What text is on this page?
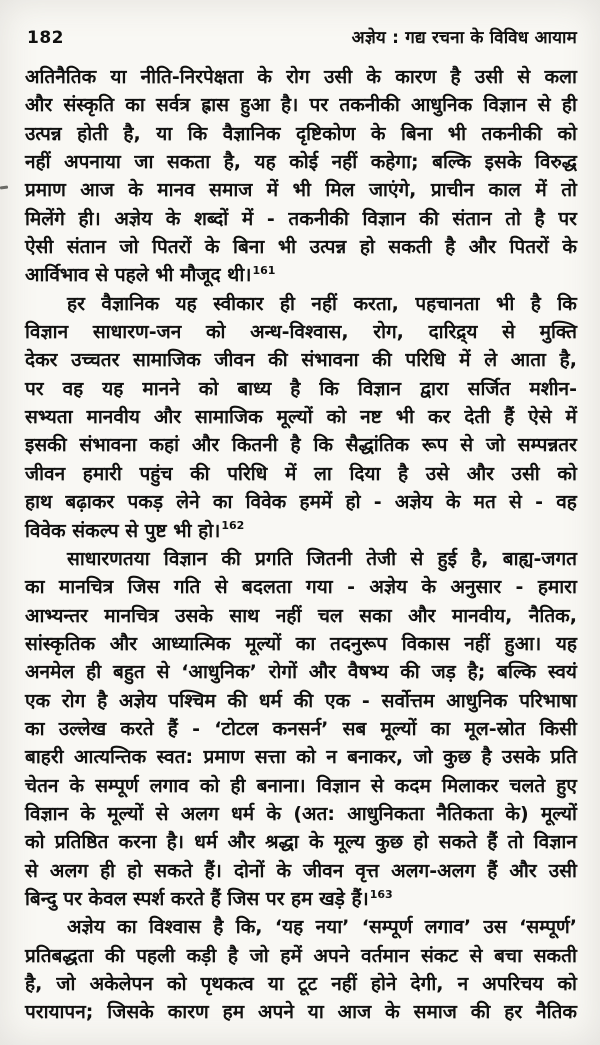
182	अज्ञेय : गद्य रचना के विविध आयाम
अतिनैतिक या नीति-निरपेक्षता के रोग उसी के कारण है उसी से कला
और संस्कृति का सर्वत्र ह्रास हुआ है। पर तकनीकी आधुनिक विज्ञान से ही
उत्पन्न होती है, या कि वैज्ञानिक दृष्टिकोण के बिना भी तकनीकी को
नहीं अपनाया जा सकता है, यह कोई नहीं कहेगा; बल्कि इसके विरुद्ध
प्रमाण आज के मानव समाज में भी मिल जाएंगे, प्राचीन काल में तो
मिलेंगे ही। अज्ञेय के शब्दों में - तकनीकी विज्ञान की संतान तो है पर
ऐसी संतान जो पितरों के बिना भी उत्पन्न हो सकती है और पितरों के
आर्विभाव से पहले भी मौजूद थी।$^{161}$
हर वैज्ञानिक यह स्वीकार ही नहीं करता, पहचानता भी है कि
विज्ञान साधारण-जन को अन्ध-विश्वास, रोग, दारिद्र्य से मुक्ति
देकर उच्चतर सामाजिक जीवन की संभावना की परिधि में ले आता है,
पर वह यह मानने को बाध्य है कि विज्ञान द्वारा सर्जित मशीन-
सभ्यता मानवीय और सामाजिक मूल्यों को नष्ट भी कर देती हैं ऐसे में
इसकी संभावना कहां और कितनी है कि सैद्धांतिक रूप से जो सम्पन्नतर
जीवन हमारी पहुंच की परिधि में ला दिया है उसे और उसी को
हाथ बढ़ाकर पकड़ लेने का विवेक हममें हो - अज्ञेय के मत से - वह
विवेक संकल्प से पुष्ट भी हो।$^{162}$
साधारणतया विज्ञान की प्रगति जितनी तेजी से हुई है, बाह्य-जगत
का मानचित्र जिस गति से बदलता गया - अज्ञेय के अनुसार - हमारा
आभ्यन्तर मानचित्र उसके साथ नहीं चल सका और मानवीय, नैतिक,
सांस्कृतिक और आध्यात्मिक मूल्यों का तदनुरूप विकास नहीं हुआ। यह
अनमेल ही बहुत से ‘आधुनिक’ रोगों और वैषभ्य की जड़ है; बल्कि स्वयं
एक रोग है अज्ञेय पश्चिम की धर्म की एक - सर्वोत्तम आधुनिक परिभाषा
का उल्लेख करते हैं - ‘टोटल कनसर्न’ सब मूल्यों का मूल-स्रोत किसी
बाहरी आत्यन्तिक स्वत: प्रमाण सत्ता को न बनाकर, जो कुछ है उसके प्रति
चेतन के सम्पूर्ण लगाव को ही बनाना। विज्ञान से कदम मिलाकर चलते हुए
विज्ञान के मूल्यों से अलग धर्म के (अत: आधुनिकता नैतिकता के) मूल्यों
को प्रतिष्ठित करना है। धर्म और श्रद्धा के मूल्य कुछ हो सकते हैं तो विज्ञान
से अलग ही हो सकते हैं। दोनों के जीवन वृत्त अलग-अलग हैं और उसी
बिन्दु पर केवल स्पर्श करते हैं जिस पर हम खड़े हैं।$^{163}$
अज्ञेय का विश्वास है कि, ‘यह नया’ ‘सम्पूर्ण लगाव’ उस ‘सम्पूर्ण’
प्रतिबद्धता की पहली कड़ी है जो हमें अपने वर्तमान संकट से बचा सकती
है, जो अकेलेपन को पृथकत्व या टूट नहीं होने देगी, न अपरिचय को
परायापन; जिसके कारण हम अपने या आज के समाज की हर नैतिक
